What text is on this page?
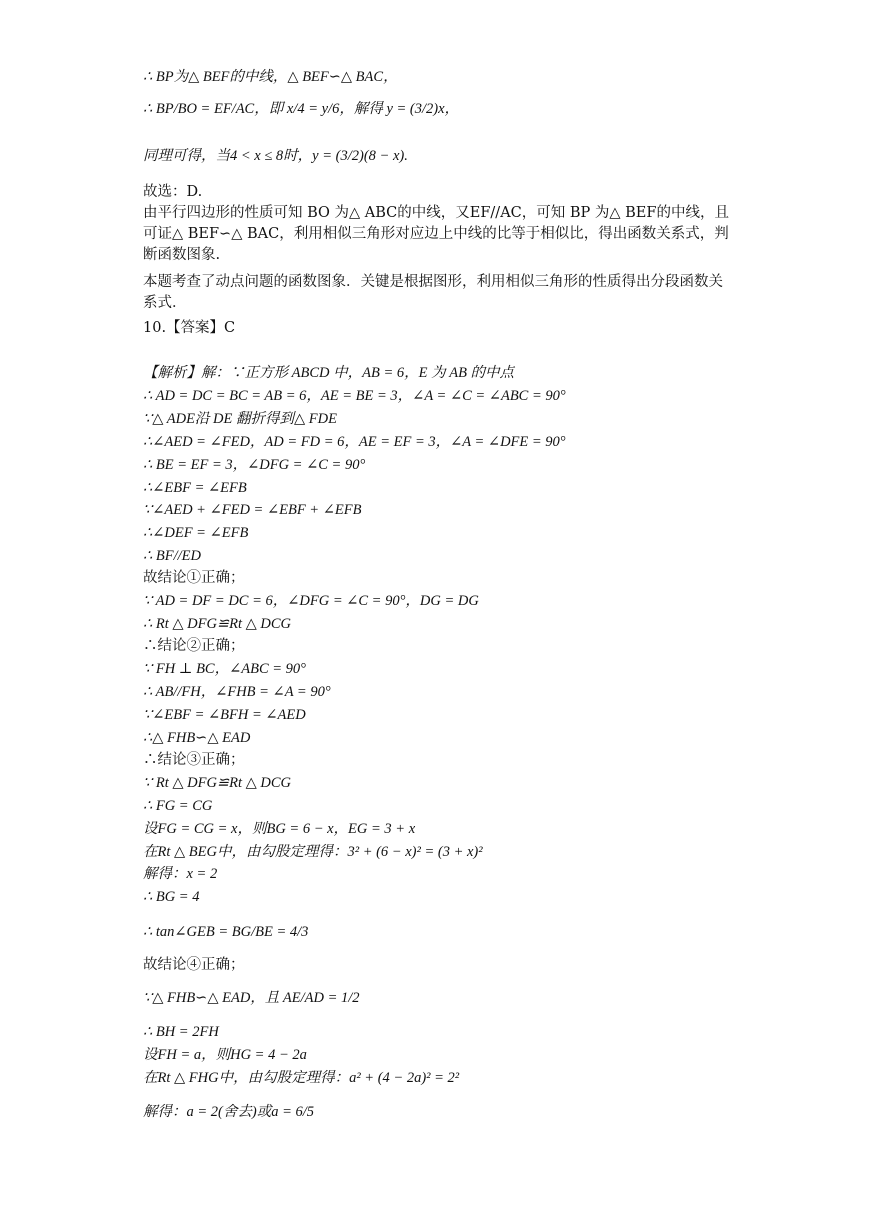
∴ BP为△ BEF的中线，△ BEF∽△ BAC，
∴ BP/BO = EF/AC，即 x/4 = y/6，解得 y = (3/2)x，
同理可得，当4 < x ≤ 8时，y = (3/2)(8 − x).
故选：D.
由平行四边形的性质可知 BO 为△ ABC的中线，又EF//AC，可知 BP 为△ BEF的中线，且可证△ BEF∽△ BAC，利用相似三角形对应边上中线的比等于相似比，得出函数关系式，判断函数图象.
本题考查了动点问题的函数图象．关键是根据图形，利用相似三角形的性质得出分段函数关系式．
10.【答案】C
【解析】解：∵正方形 ABCD 中，AB = 6，E 为 AB 的中点
∴ AD = DC = BC = AB = 6，AE = BE = 3，∠A = ∠C = ∠ABC = 90°
∵△ ADE沿 DE 翻折得到△ FDE
∴∠AED = ∠FED，AD = FD = 6，AE = EF = 3，∠A = ∠DFE = 90°
∴ BE = EF = 3，∠DFG = ∠C = 90°
∴∠EBF = ∠EFB
∵∠AED + ∠FED = ∠EBF + ∠EFB
∴∠DEF = ∠EFB
∴ BF//ED
故结论①正确；
∵ AD = DF = DC = 6，∠DFG = ∠C = 90°，DG = DG
∴ Rt △ DFG≌Rt △ DCG
∴结论②正确；
∵ FH ⊥ BC，∠ABC = 90°
∴ AB//FH，∠FHB = ∠A = 90°
∵∠EBF = ∠BFH = ∠AED
∴△ FHB∽△ EAD
∴结论③正确；
∵ Rt △ DFG≌Rt △ DCG
∴ FG = CG
设FG = CG = x，则BG = 6 − x，EG = 3 + x
在Rt △ BEG中，由勾股定理得：3² + (6 − x)² = (3 + x)²
解得：x = 2
∴ BG = 4
∴ tan∠GEB = BG/BE = 4/3
故结论④正确；
∵△ FHB∽△ EAD，且 AE/AD = 1/2
∴ BH = 2FH
设FH = a，则HG = 4 − 2a
在Rt △ FHG中，由勾股定理得：a² + (4 − 2a)² = 2²
解得：a = 2(舍去)或a = 6/5
